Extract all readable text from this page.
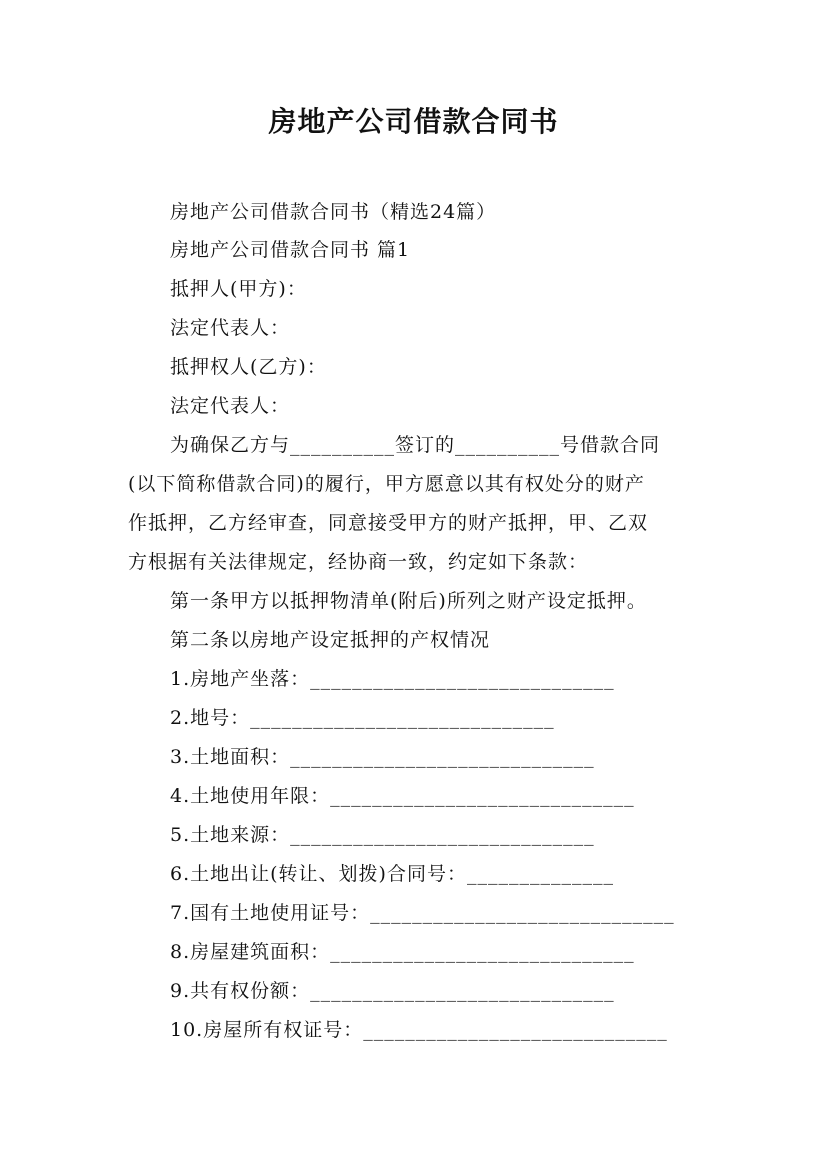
房地产公司借款合同书
房地产公司借款合同书（精选24篇）
房地产公司借款合同书 篇1
抵押人(甲方)：
法定代表人：
抵押权人(乙方)：
法定代表人：
为确保乙方与__________签订的__________号借款合同
(以下简称借款合同)的履行，甲方愿意以其有权处分的财产
作抵押，乙方经审查，同意接受甲方的财产抵押，甲、乙双
方根据有关法律规定，经协商一致，约定如下条款：
第一条甲方以抵押物清单(附后)所列之财产设定抵押。
第二条以房地产设定抵押的产权情况
1.房地产坐落：_____________________________
2.地号：_____________________________
3.土地面积：_____________________________
4.土地使用年限：_____________________________
5.土地来源：_____________________________
6.土地出让(转让、划拨)合同号：______________
7.国有土地使用证号：_____________________________
8.房屋建筑面积：_____________________________
9.共有权份额：_____________________________
10.房屋所有权证号：_____________________________
